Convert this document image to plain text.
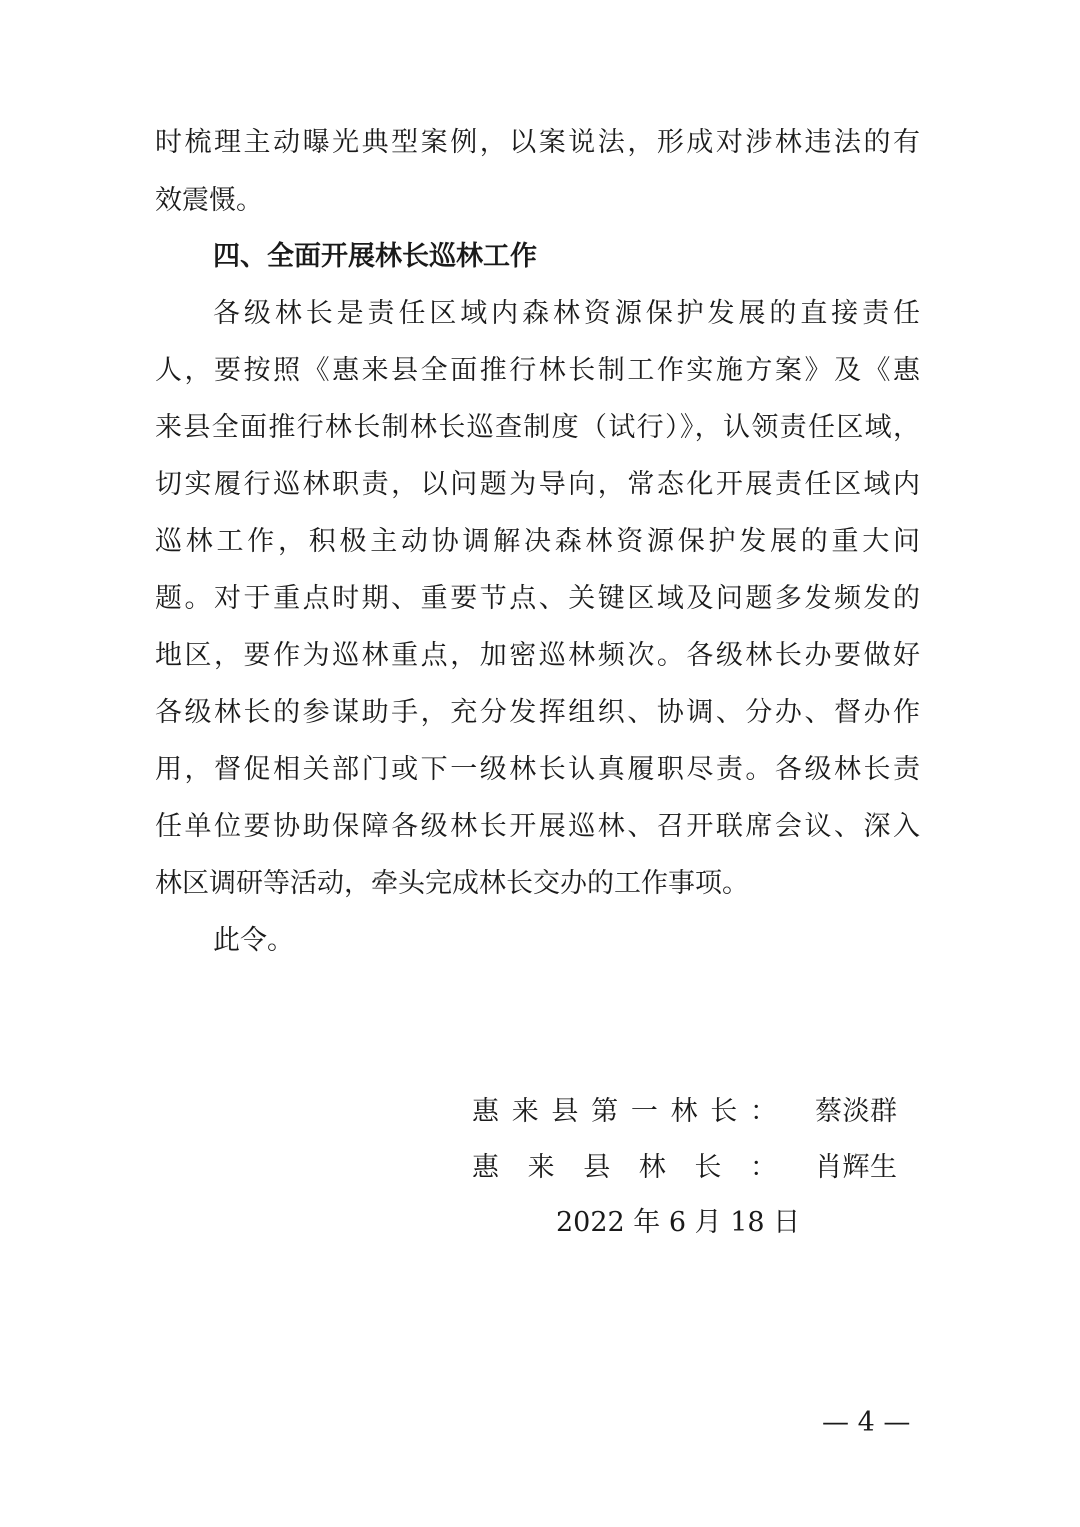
时梳理主动曝光典型案例，以案说法，形成对涉林违法的有
效震慑。
四、全面开展林长巡林工作
各级林长是责任区域内森林资源保护发展的直接责任
人，要按照《惠来县全面推行林长制工作实施方案》及《惠
来县全面推行林长制林长巡查制度（试行）》，认领责任区域，
切实履行巡林职责，以问题为导向，常态化开展责任区域内
巡林工作，积极主动协调解决森林资源保护发展的重大问
题。对于重点时期、重要节点、关键区域及问题多发频发的
地区，要作为巡林重点，加密巡林频次。各级林长办要做好
各级林长的参谋助手，充分发挥组织、协调、分办、督办作
用，督促相关部门或下一级林长认真履职尽责。各级林长责
任单位要协助保障各级林长开展巡林、召开联席会议、深入
林区调研等活动，牵头完成林长交办的工作事项。
此令。
惠来县第一林长： 蔡淡群
惠来县林长： 肖辉生
2022 年 6 月 18 日
— 4 —
